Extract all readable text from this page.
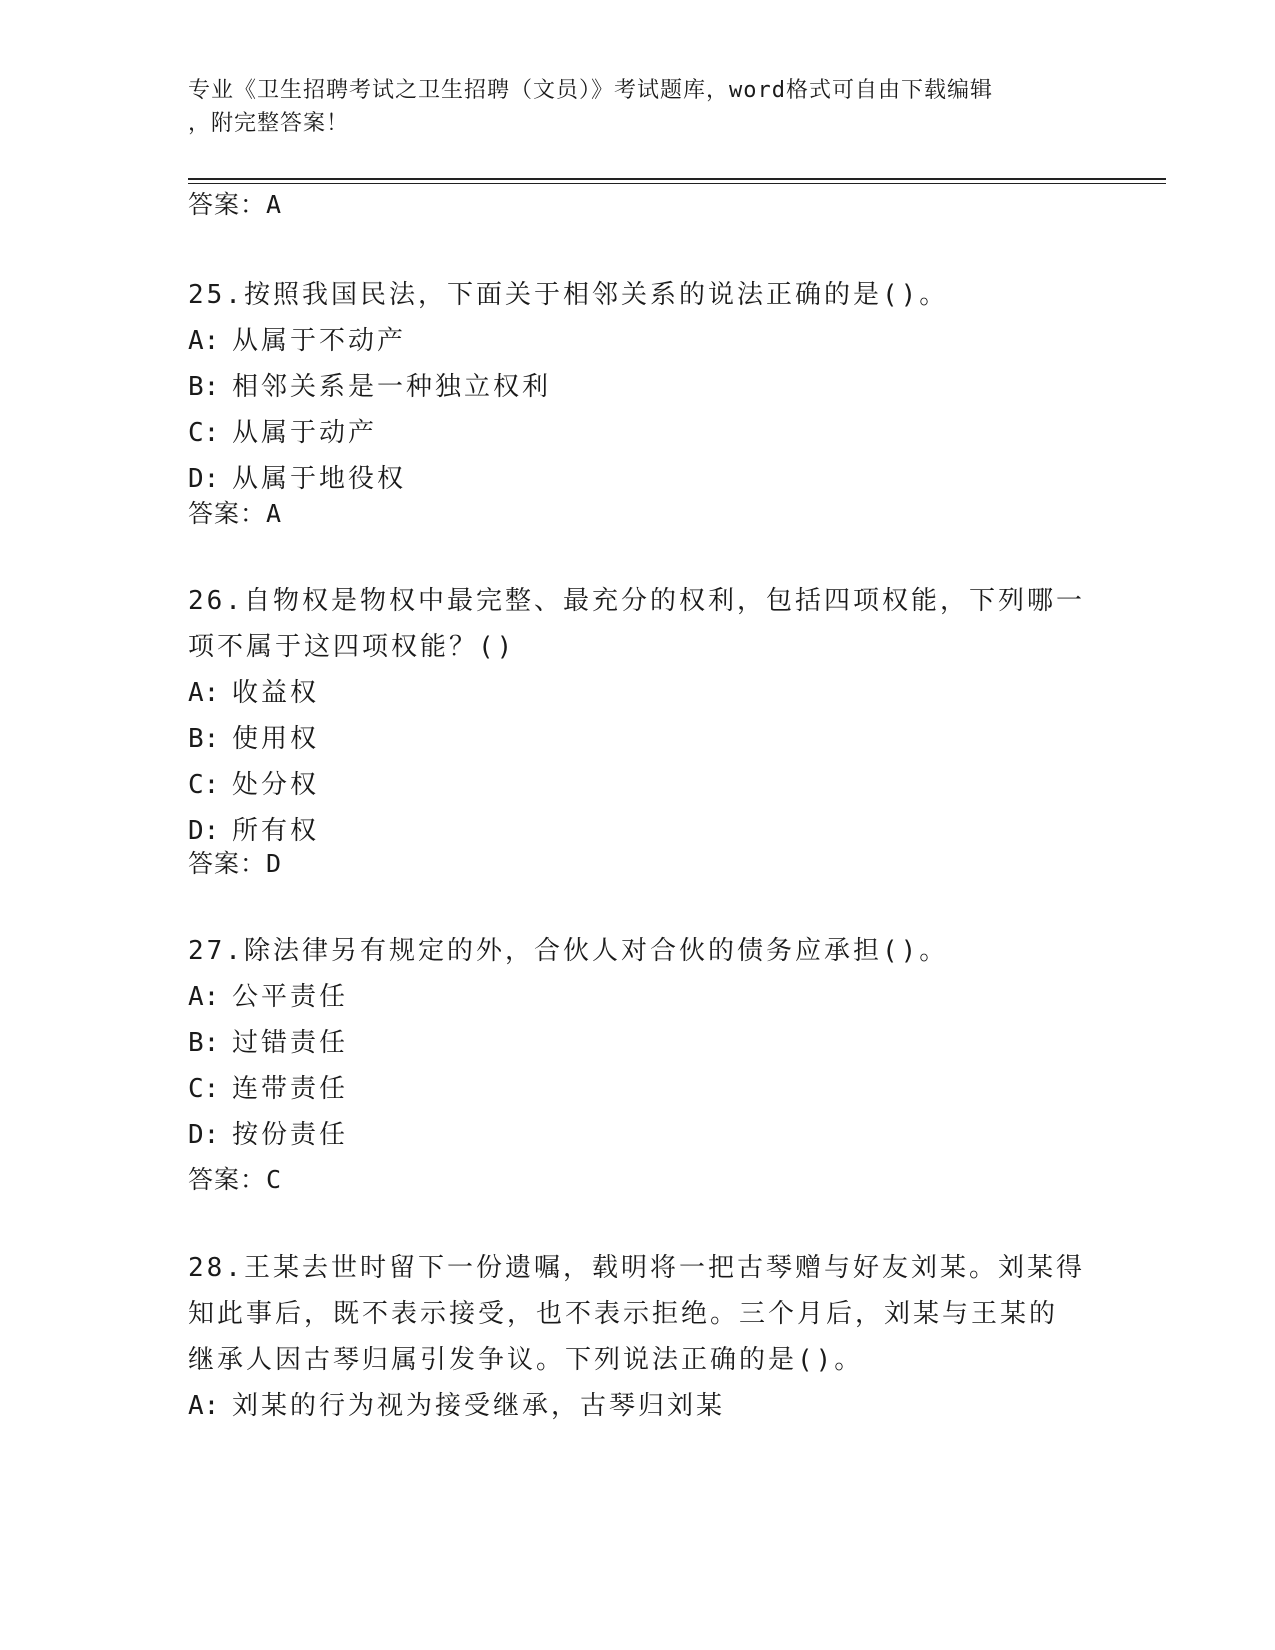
专业《卫生招聘考试之卫生招聘（文员）》考试题库，word格式可自由下载编辑
，附完整答案！
答案：A
25.按照我国民法，下面关于相邻关系的说法正确的是()。
A: 从属于不动产
B: 相邻关系是一种独立权利
C: 从属于动产
D: 从属于地役权
答案：A
26.自物权是物权中最完整、最充分的权利，包括四项权能，下列哪一
项不属于这四项权能？()
A: 收益权
B: 使用权
C: 处分权
D: 所有权
答案：D
27.除法律另有规定的外，合伙人对合伙的债务应承担()。
A: 公平责任
B: 过错责任
C: 连带责任
D: 按份责任
答案：C
28.王某去世时留下一份遗嘱，载明将一把古琴赠与好友刘某。刘某得
知此事后，既不表示接受，也不表示拒绝。三个月后，刘某与王某的
继承人因古琴归属引发争议。下列说法正确的是()。
A: 刘某的行为视为接受继承，古琴归刘某
